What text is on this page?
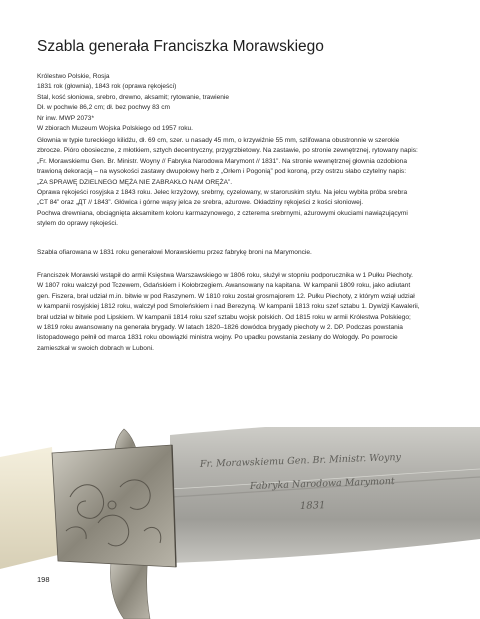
Szabla generała Franciszka Morawskiego
Królestwo Polskie, Rosja
1831 rok (głownia), 1843 rok (oprawa rękojeści)
Stal, kość słoniowa, srebro, drewno, aksamit; rytowanie, trawienie
Dł. w pochwie 86,2 cm; dł. bez pochwy 83 cm
Nr inw. MWP 2073*
W zbiorach Muzeum Wojska Polskiego od 1957 roku.

Głownia w typie tureckiego kilidżu, dł. 69 cm, szer. u nasady 45 mm, o krzywiźnie 55 mm, szlifowana obustronnie w szerokie

zbrocze. Pióro obosieczne, z młotkiem, sztych decentryczny, przygrzbietowy. Na zastawie, po stronie zewnętrznej, rytowany napis:

„Fr. Morawskiemu Gen. Br. Ministr. Woyny // Fabryka Narodowa Marymont // 1831”. Na stronie wewnętrznej głownia ozdobiona

trawioną dekoracją – na wysokości zastawy dwupołowy herb z „Orłem i Pogonią” pod koroną, przy ostrzu słabo czytelny napis:

„ZA SPRAWĘ DZIELNEGO MĘŻA NIE ZABRAKŁO NAM ORĘŻA”.

Oprawa rękojeści rosyjska z 1843 roku. Jelec krzyżowy, srebrny, cyzelowany, w staroruskim stylu. Na jelcu wybita próba srebra

„CT 84” oraz „ДТ // 1843”. Główica i górne wąsy jelca ze srebra, ażurowe. Okładziny rękojeści z kości słoniowej.

Pochwa drewniana, obciągnięta aksamitem koloru karmazynowego, z czterema srebrnymi, ażurowymi okuciami nawiązującymi

stylem do oprawy rękojeści.

Szabla ofiarowana w 1831 roku generałowi Morawskiemu przez fabrykę broni na Marymoncie.

Franciszek Morawski wstąpił do armii Księstwa Warszawskiego w 1806 roku, służył w stopniu podporucznika w 1 Pułku Piechoty.

W 1807 roku walczył pod Tczewem, Gdańskiem i Kołobrzegiem. Awansowany na kapitana. W kampanii 1809 roku, jako adiutant

gen. Fiszera, brał udział m.in. bitwie w pod Raszynem. W 1810 roku został grosmajorem 12. Pułku Piechoty, z którym wziął udział

w kampanii rosyjskiej 1812 roku, walczył pod Smoleńskiem i nad Berezyną. W kampanii 1813 roku szef sztabu 1. Dywizji Kawalerii,

brał udział w bitwie pod Lipskiem. W kampanii 1814 roku szef sztabu wojsk polskich. Od 1815 roku w armii Królestwa Polskiego;

w 1819 roku awansowany na generała brygady. W latach 1820–1826 dowódca brygady piechoty w 2. DP. Podczas powstania

listopadowego pełnił od marca 1831 roku obowiązki ministra wojny. Po upadku powstania zesłany do Wołogdy. Po powrocie

zamieszkał w swoich dobrach w Luboni.

Fr. Morawskiemu Gen. Br. Ministr. Woyny
Fabryka Narodowa Marymont
1831
198
